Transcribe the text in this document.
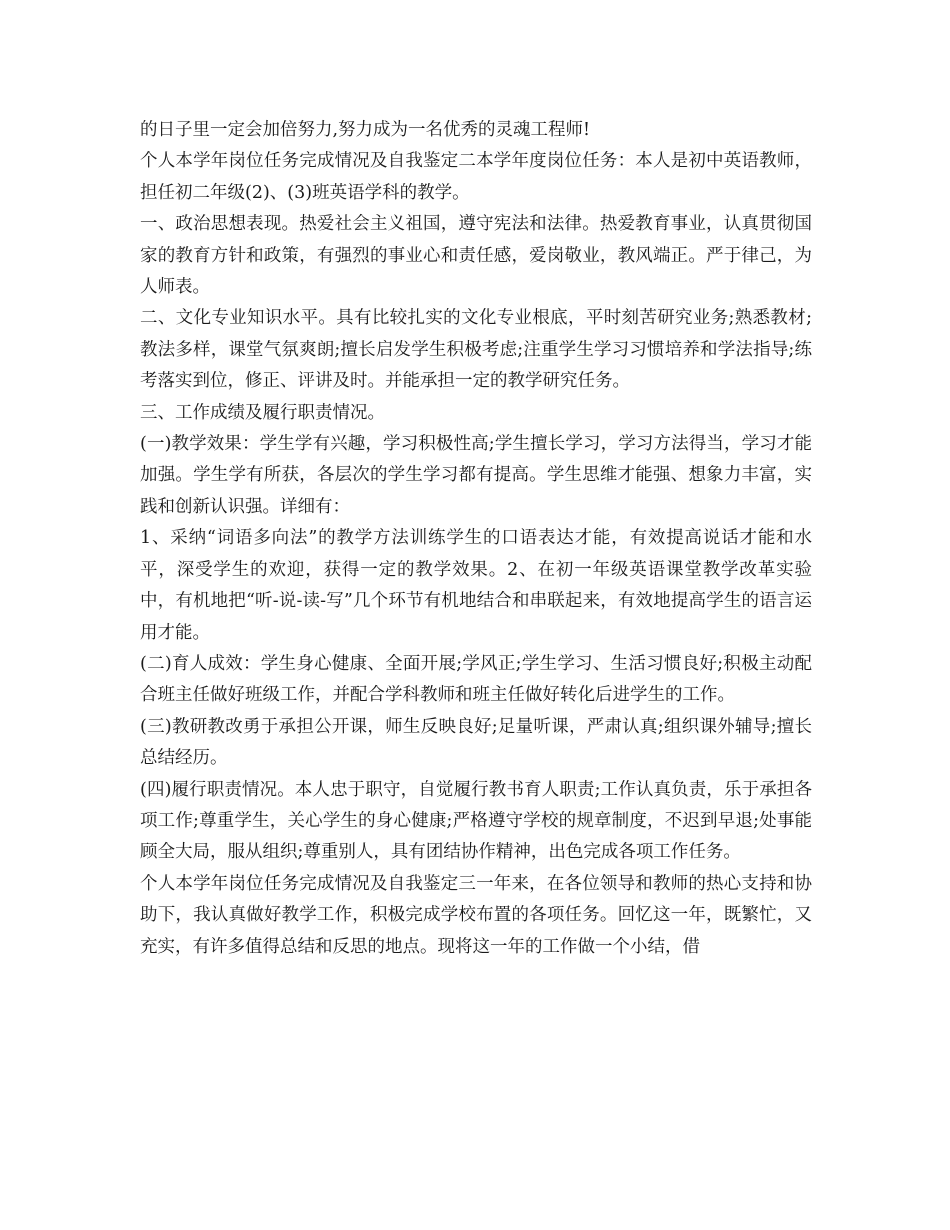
的日子里一定会加倍努力,努力成为一名优秀的灵魂工程师!

个人本学年岗位任务完成情况及自我鉴定二本学年度岗位任务：本人是初中英语教师，担任初二年级(2)、(3)班英语学科的教学。

一、政治思想表现。热爱社会主义祖国，遵守宪法和法律。热爱教育事业，认真贯彻国家的教育方针和政策，有强烈的事业心和责任感，爱岗敬业，教风端正。严于律己，为人师表。

二、文化专业知识水平。具有比较扎实的文化专业根底，平时刻苦研究业务;熟悉教材;教法多样，课堂气氛爽朗;擅长启发学生积极考虑;注重学生学习习惯培养和学法指导;练考落实到位，修正、评讲及时。并能承担一定的教学研究任务。

三、工作成绩及履行职责情况。

(一)教学效果：学生学有兴趣，学习积极性高;学生擅长学习，学习方法得当，学习才能加强。学生学有所获，各层次的学生学习都有提高。学生思维才能强、想象力丰富，实践和创新认识强。详细有：

1、采纳“词语多向法”的教学方法训练学生的口语表达才能，有效提高说话才能和水平，深受学生的欢迎，获得一定的教学效果。2、在初一年级英语课堂教学改革实验中，有机地把“听-说-读-写”几个环节有机地结合和串联起来，有效地提高学生的语言运用才能。

(二)育人成效：学生身心健康、全面开展;学风正;学生学习、生活习惯良好;积极主动配合班主任做好班级工作，并配合学科教师和班主任做好转化后进学生的工作。

(三)教研教改勇于承担公开课，师生反映良好;足量听课，严肃认真;组织课外辅导;擅长总结经历。

(四)履行职责情况。本人忠于职守，自觉履行教书育人职责;工作认真负责，乐于承担各项工作;尊重学生，关心学生的身心健康;严格遵守学校的规章制度，不迟到早退;处事能顾全大局，服从组织;尊重别人，具有团结协作精神，出色完成各项工作任务。

个人本学年岗位任务完成情况及自我鉴定三一年来，在各位领导和教师的热心支持和协助下，我认真做好教学工作，积极完成学校布置的各项任务。回忆这一年，既繁忙，又充实，有许多值得总结和反思的地点。现将这一年的工作做一个小结，借
